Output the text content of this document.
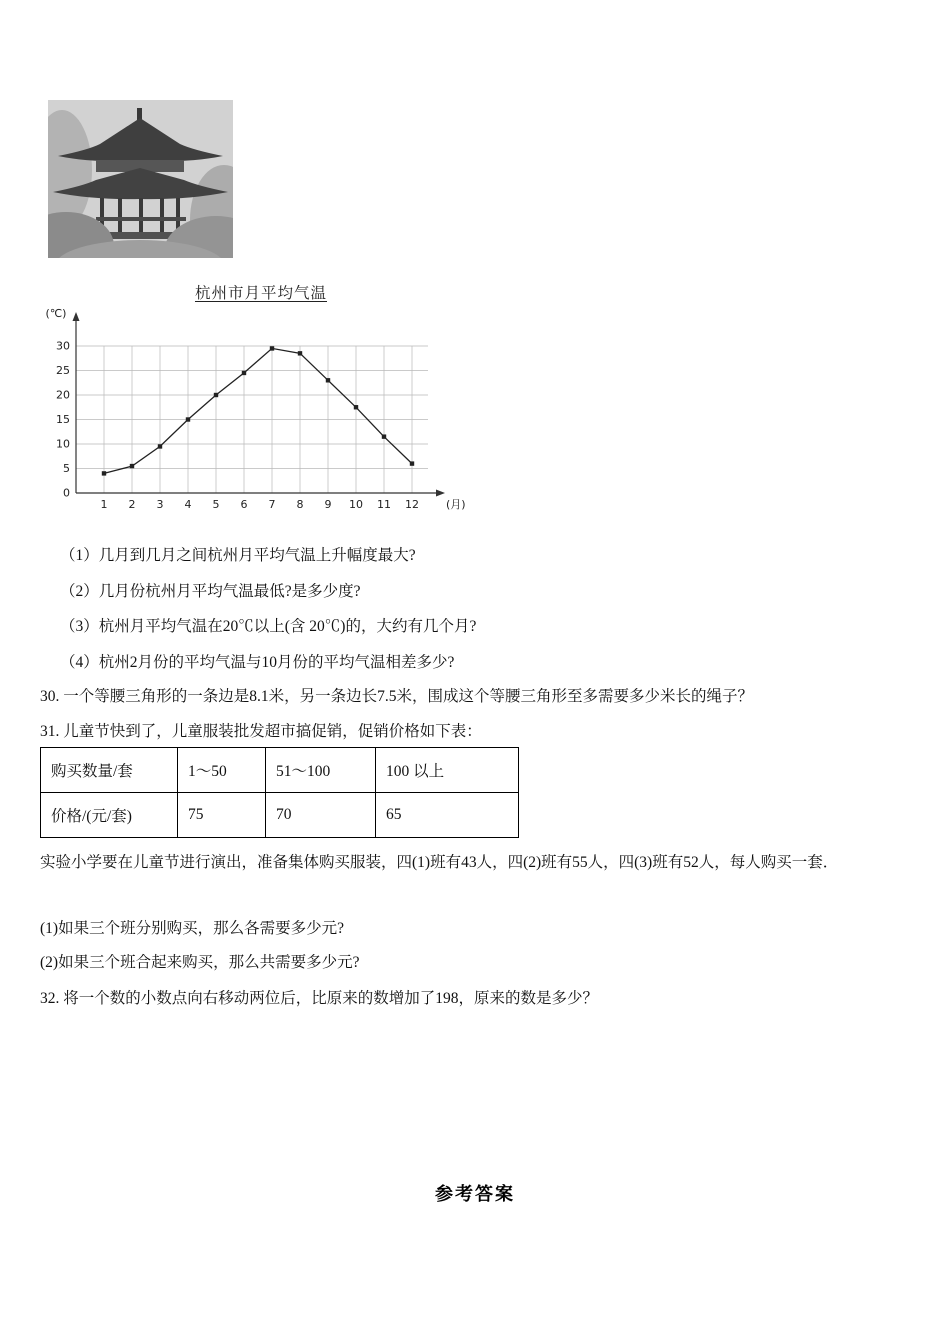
杭州市月平均气温
0
5
10
15
20
25
30
1 2 3 4 5 6 7 8 9 10 11 12
(℃)
(月)
（1）几月到几月之间杭州月平均气温上升幅度最大?
（2）几月份杭州月平均气温最低?是多少度?
（3）杭州月平均气温在20℃以上(含 20℃)的，大约有几个月?
（4）杭州2月份的平均气温与10月份的平均气温相差多少?
30. 一个等腰三角形的一条边是8.1米，另一条边长7.5米，围成这个等腰三角形至多需要多少米长的绳子？
31. 儿童节快到了，儿童服装批发超市搞促销，促销价格如下表：
购买数量/套	1～50	51～100	100 以上
价格/(元/套)	75	70	65
实验小学要在儿童节进行演出，准备集体购买服装，四(1)班有43人，四(2)班有55人，四(3)班有52人，每人购买一套．
(1)如果三个班分别购买，那么各需要多少元?
(2)如果三个班合起来购买，那么共需要多少元?
32. 将一个数的小数点向右移动两位后，比原来的数增加了198，原来的数是多少？
参考答案
